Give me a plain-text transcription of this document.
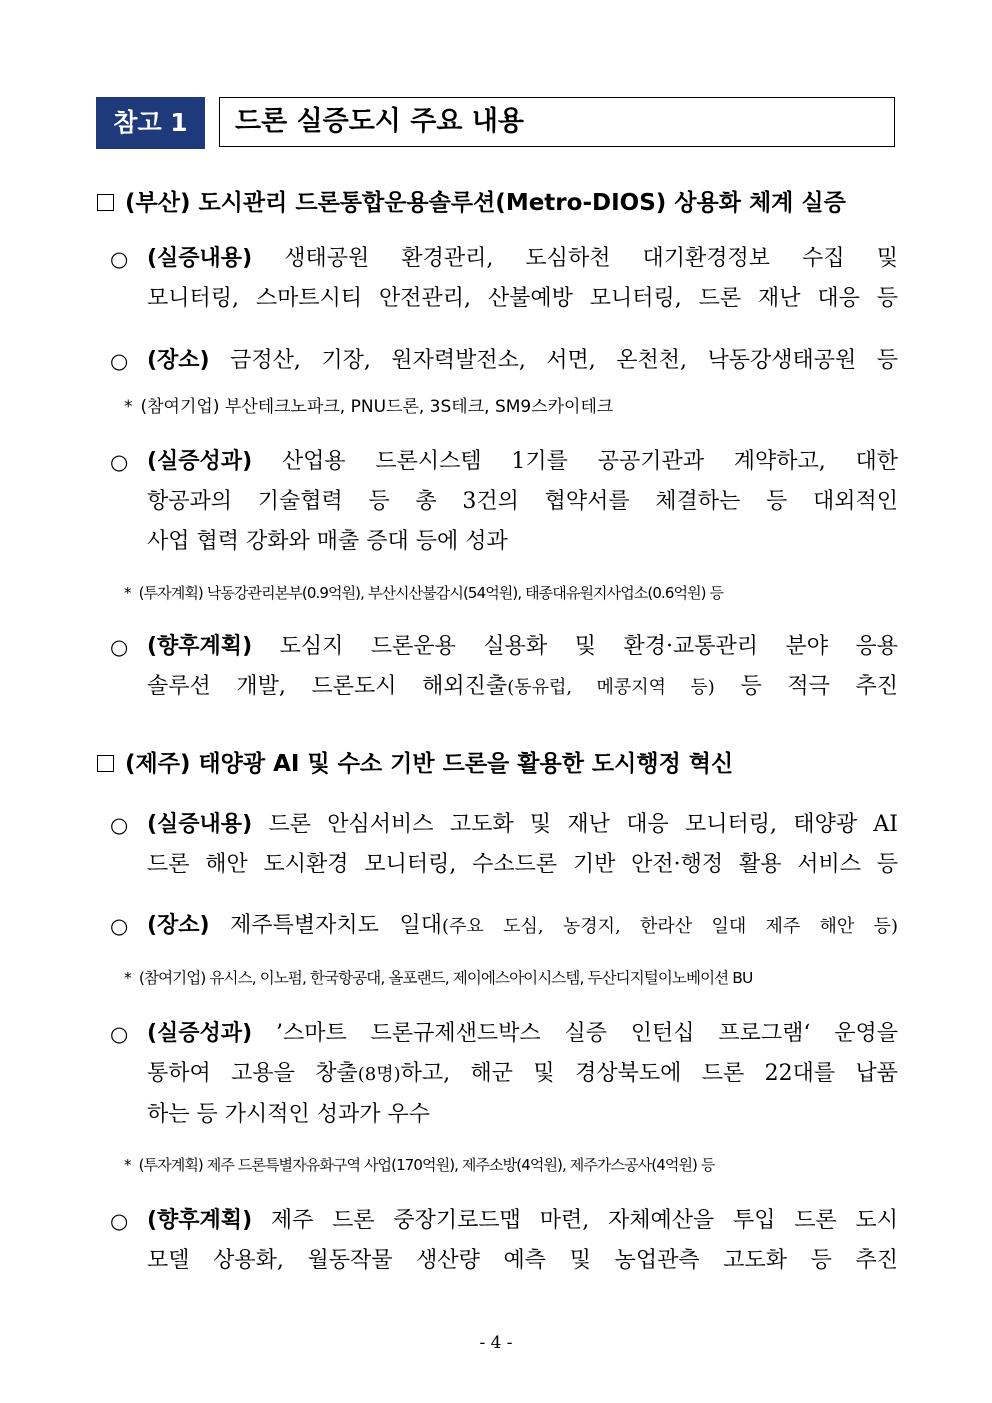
참고 1	드론 실증도시 주요 내용
(부산) 도시관리 드론통합운용솔루션(Metro-DIOS) 상용화 체계 실증
○ (실증내용) 생태공원 환경관리, 도심하천 대기환경정보 수집 및
모니터링, 스마트시티 안전관리, 산불예방 모니터링, 드론 재난 대응 등
○ (장소) 금정산, 기장, 원자력발전소, 서면, 온천천, 낙동강생태공원 등
* (참여기업) 부산테크노파크, PNU드론, 3S테크, SM9스카이테크
○ (실증성과) 산업용 드론시스템 1기를 공공기관과 계약하고, 대한
항공과의 기술협력 등 총 3건의 협약서를 체결하는 등 대외적인
사업 협력 강화와 매출 증대 등에 성과
* (투자계획) 낙동강관리본부(0.9억원), 부산시산불감시(54억원), 태종대유원지사업소(0.6억원) 등
○ (향후계획) 도심지 드론운용 실용화 및 환경·교통관리 분야 응용
솔루션 개발, 드론도시 해외진출(동유럽, 메콩지역 등) 등 적극 추진
(제주) 태양광 AI 및 수소 기반 드론을 활용한 도시행정 혁신
○ (실증내용) 드론 안심서비스 고도화 및 재난 대응 모니터링, 태양광 AI
드론 해안 도시환경 모니터링, 수소드론 기반 안전·행정 활용 서비스 등
○ (장소) 제주특별자치도 일대(주요 도심, 농경지, 한라산 일대 제주 해안 등)
* (참여기업) 유시스, 이노펌, 한국항공대, 올포랜드, 제이에스아이시스템, 두산디지털이노베이션 BU
○ (실증성과) ’스마트 드론규제샌드박스 실증 인턴십 프로그램‘ 운영을
통하여 고용을 창출(8명)하고, 해군 및 경상북도에 드론 22대를 납품
하는 등 가시적인 성과가 우수
* (투자계획) 제주 드론특별자유화구역 사업(170억원), 제주소방(4억원), 제주가스공사(4억원) 등
○ (향후계획) 제주 드론 중장기로드맵 마련, 자체예산을 투입 드론 도시
모델 상용화, 월동작물 생산량 예측 및 농업관측 고도화 등 추진
- 4 -
